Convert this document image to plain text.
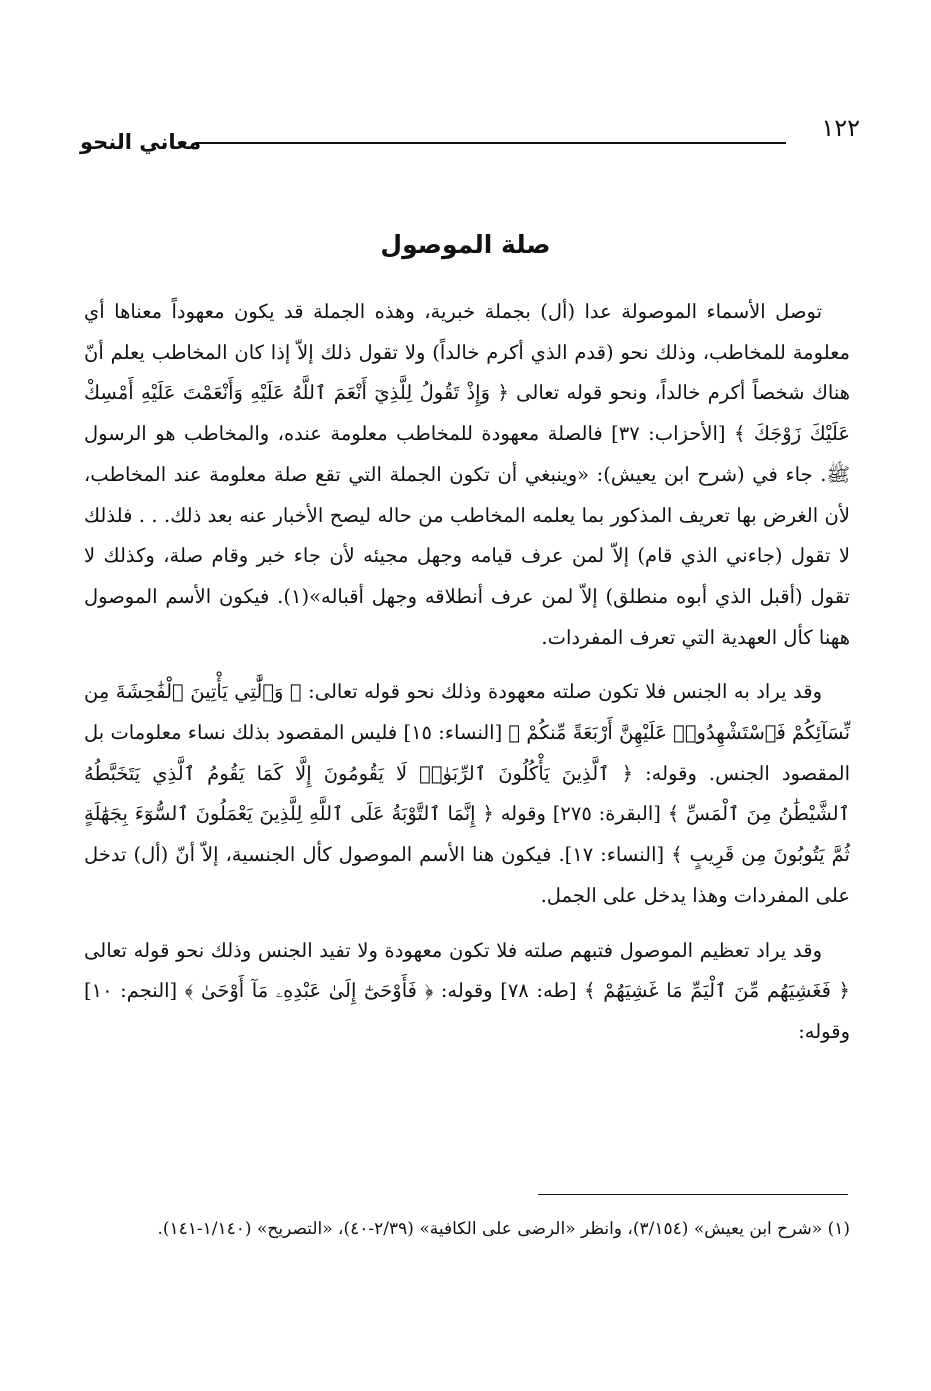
١٢٢
معاني النحو
صلة الموصول

توصل الأسماء الموصولة عدا (أل) بجملة خبرية، وهذه الجملة قد يكون معهوداً معناها أي معلومة للمخاطب، وذلك نحو (قدم الذي أكرم خالداً) ولا تقول ذلك إلاّ إذا كان المخاطب يعلم أنّ هناك شخصاً أكرم خالداً، ونحو قوله تعالى ﴿ وَإِذْ تَقُولُ لِلَّذِيٓ أَنْعَمَ ٱللَّهُ عَلَيْهِ وَأَنْعَمْتَ عَلَيْهِ أَمْسِكْ عَلَيْكَ زَوْجَكَ ﴾ [الأحزاب: ٣٧] فالصلة معهودة للمخاطب معلومة عنده، والمخاطب هو الرسول ﷺ. جاء في (شرح ابن يعيش): «وينبغي أن تكون الجملة التي تقع صلة معلومة عند المخاطب، لأن الغرض بها تعريف المذكور بما يعلمه المخاطب من حاله ليصح الأخبار عنه بعد ذلك. . . فلذلك لا تقول (جاءني الذي قام) إلاّ لمن عرف قيامه وجهل مجيئه لأن جاء خبر وقام صلة، وكذلك لا تقول (أقبل الذي أبوه منطلق) إلاّ لمن عرف أنطلاقه وجهل أقباله»(١). فيكون الأسم الموصول ههنا كأل العهدية التي تعرف المفردات.

وقد يراد به الجنس فلا تكون صلته معهودة وذلك نحو قوله تعالى: ﴿ وَٱلَّٰتِي يَأْتِينَ ٱلْفَٰحِشَةَ مِن نِّسَآئِكُمْ فَٱسْتَشْهِدُوا۟ عَلَيْهِنَّ أَرْبَعَةً مِّنكُمْ ﴾ [النساء: ١٥] فليس المقصود بذلك نساء معلومات بل المقصود الجنس. وقوله: ﴿ ٱلَّذِينَ يَأْكُلُونَ ٱلرِّبَوٰا۟ لَا يَقُومُونَ إِلَّا كَمَا يَقُومُ ٱلَّذِي يَتَخَبَّطُهُ ٱلشَّيْطَٰنُ مِنَ ٱلْمَسِّ ﴾ [البقرة: ٢٧٥] وقوله ﴿ إِنَّمَا ٱلتَّوْبَةُ عَلَى ٱللَّهِ لِلَّذِينَ يَعْمَلُونَ ٱلسُّوٓءَ بِجَهَٰلَةٍ ثُمَّ يَتُوبُونَ مِن قَرِيبٍ ﴾ [النساء: ١٧]. فيكون هنا الأسم الموصول كأل الجنسية، إلاّ أنّ (أل) تدخل على المفردات وهذا يدخل على الجمل.

وقد يراد تعظيم الموصول فتبهم صلته فلا تكون معهودة ولا تفيد الجنس وذلك نحو قوله تعالى ﴿ فَغَشِيَهُم مِّنَ ٱلْيَمِّ مَا غَشِيَهُمْ ﴾ [طه: ٧٨] وقوله: ﴿ فَأَوْحَىٰٓ إِلَىٰ عَبْدِهِۦ مَآ أَوْحَىٰ ﴾ [النجم: ١٠] وقوله:

(١) «شرح ابن يعيش» (٣/١٥٤)، وانظر «الرضى على الكافية» (٢/٣٩-٤٠)، «التصريح» (١/١٤٠-١٤١).
